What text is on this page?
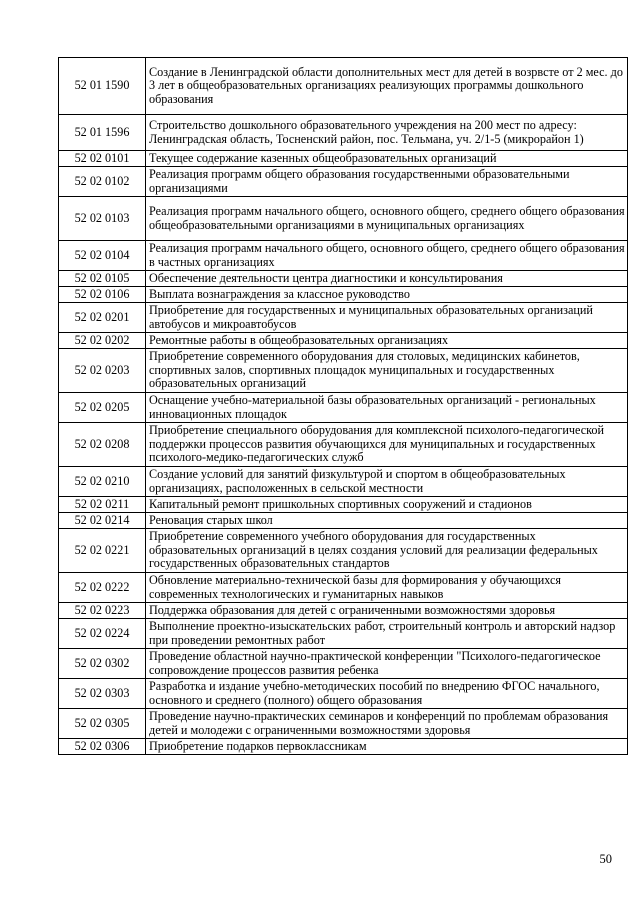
52 01 1590	Создание в Ленинградской области дополнительных мест для детей в возрвсте от 2 мес. до 3 лет в общеобразовательных организациях реализующих программы дошкольного образования
52 01 1596	Строительство дошкольного образовательного учреждения на 200 мест по адресу: Ленинградская область, Тосненский район, пос. Тельмана, уч. 2/1-5 (микрорайон 1)
52 02 0101	Текущее содержание казенных общеобразовательных организаций
52 02 0102	Реализация программ общего образования государственными образовательными организациями
52 02 0103	Реализация программ начального общего, основного общего, среднего общего образования общеобразовательными организациями в муниципальных организациях
52 02 0104	Реализация программ начального общего, основного общего, среднего общего образования в частных организациях
52 02 0105	Обеспечение деятельности центра диагностики и консультирования
52 02 0106	Выплата вознаграждения за классное руководство
52 02 0201	Приобретение для государственных и муниципальных образовательных организаций автобусов и микроавтобусов
52 02 0202	Ремонтные работы в общеобразовательных организациях
52 02 0203	Приобретение современного оборудования для столовых, медицинских кабинетов, спортивных залов, спортивных площадок муниципальных и государственных образовательных организаций
52 02 0205	Оснащение учебно-материальной базы образовательных организаций - региональных инновационных площадок
52 02 0208	Приобретение специального оборудования для комплексной психолого-педагогической поддержки процессов развития обучающихся для муниципальных и государственных психолого-медико-педагогических служб
52 02 0210	Создание условий для занятий физкультурой и спортом в общеобразовательных организациях, расположенных в сельской местности
52 02 0211	Капитальный ремонт пришкольных спортивных сооружений и стадионов
52 02 0214	Реновация старых школ
52 02 0221	Приобретение современного учебного оборудования для государственных образовательных организаций в целях создания условий для реализации федеральных государственных образовательных стандартов
52 02 0222	Обновление материально-технической базы для формирования у обучающихся современных технологических и гуманитарных навыков
52 02 0223	Поддержка образования для детей с ограниченными возможностями здоровья
52 02 0224	Выполнение проектно-изыскательских работ, строительный контроль и авторский надзор при проведении ремонтных работ
52 02 0302	Проведение областной научно-практической конференции "Психолого-педагогическое сопровождение процессов развития ребенка
52 02 0303	Разработка и издание учебно-методических пособий по внедрению ФГОС начального, основного и среднего (полного) общего образования
52 02 0305	Проведение научно-практических семинаров и конференций по проблемам образования детей и молодежи с ограниченными возможностями здоровья
52 02 0306	Приобретение подарков первоклассникам
50
